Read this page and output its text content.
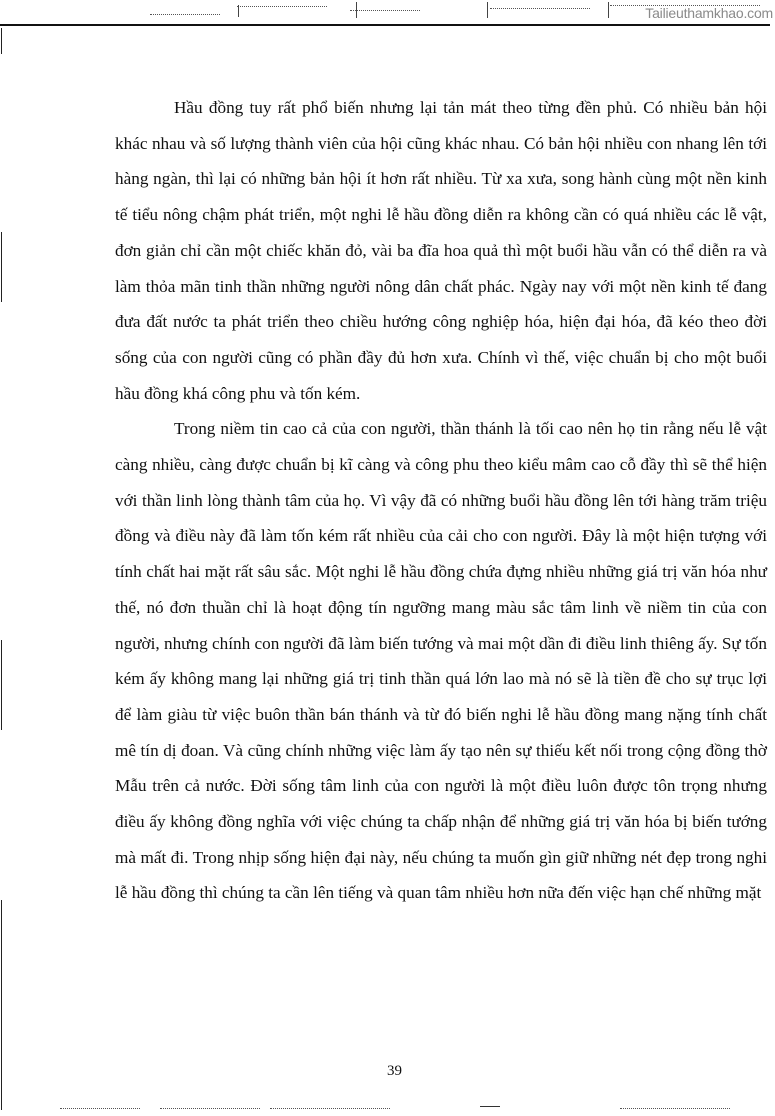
Tailieuthamkhao.com

Hầu đồng tuy rất phổ biến nhưng lại tản mát theo từng đền phủ. Có nhiều bản hội khác nhau và số lượng thành viên của hội cũng khác nhau. Có bản hội nhiều con nhang lên tới hàng ngàn, thì lại có những bản hội ít hơn rất nhiều. Từ xa xưa, song hành cùng một nền kinh tế tiểu nông chậm phát triển, một nghi lễ hầu đồng diễn ra không cần có quá nhiều các lễ vật, đơn giản chỉ cần một chiếc khăn đỏ, vài ba đĩa hoa quả thì một buổi hầu vẫn có thể diễn ra và làm thỏa mãn tinh thần những người nông dân chất phác. Ngày nay với một nền kinh tế đang đưa đất nước ta phát triển theo chiều hướng công nghiệp hóa, hiện đại hóa, đã kéo theo đời sống của con người cũng có phần đầy đủ hơn xưa. Chính vì thế, việc chuẩn bị cho một buổi hầu đồng khá công phu và tốn kém.

Trong niềm tin cao cả của con người, thần thánh là tối cao nên họ tin rằng nếu lễ vật càng nhiều, càng được chuẩn bị kĩ càng và công phu theo kiểu mâm cao cỗ đầy thì sẽ thể hiện với thần linh lòng thành tâm của họ. Vì vậy đã có những buổi hầu đồng lên tới hàng trăm triệu đồng và điều này đã làm tốn kém rất nhiều của cải cho con người. Đây là một hiện tượng với tính chất hai mặt rất sâu sắc. Một nghi lễ hầu đồng chứa đựng nhiều những giá trị văn hóa như thế, nó đơn thuần chỉ là hoạt động tín ngưỡng mang màu sắc tâm linh về niềm tin của con người, nhưng chính con người đã làm biến tướng và mai một dần đi điều linh thiêng ấy. Sự tốn kém ấy không mang lại những giá trị tinh thần quá lớn lao mà nó sẽ là tiền đề cho sự trục lợi để làm giàu từ việc buôn thần bán thánh và từ đó biến nghi lễ hầu đồng mang nặng tính chất mê tín dị đoan. Và cũng chính những việc làm ấy tạo nên sự thiếu kết nối trong cộng đồng thờ Mẫu trên cả nước. Đời sống tâm linh của con người là một điều luôn được tôn trọng nhưng điều ấy không đồng nghĩa với việc chúng ta chấp nhận để những giá trị văn hóa bị biến tướng mà mất đi. Trong nhịp sống hiện đại này, nếu chúng ta muốn gìn giữ những nét đẹp trong nghi lễ hầu đồng thì chúng ta cần lên tiếng và quan tâm nhiều hơn nữa đến việc hạn chế những mặt

39
